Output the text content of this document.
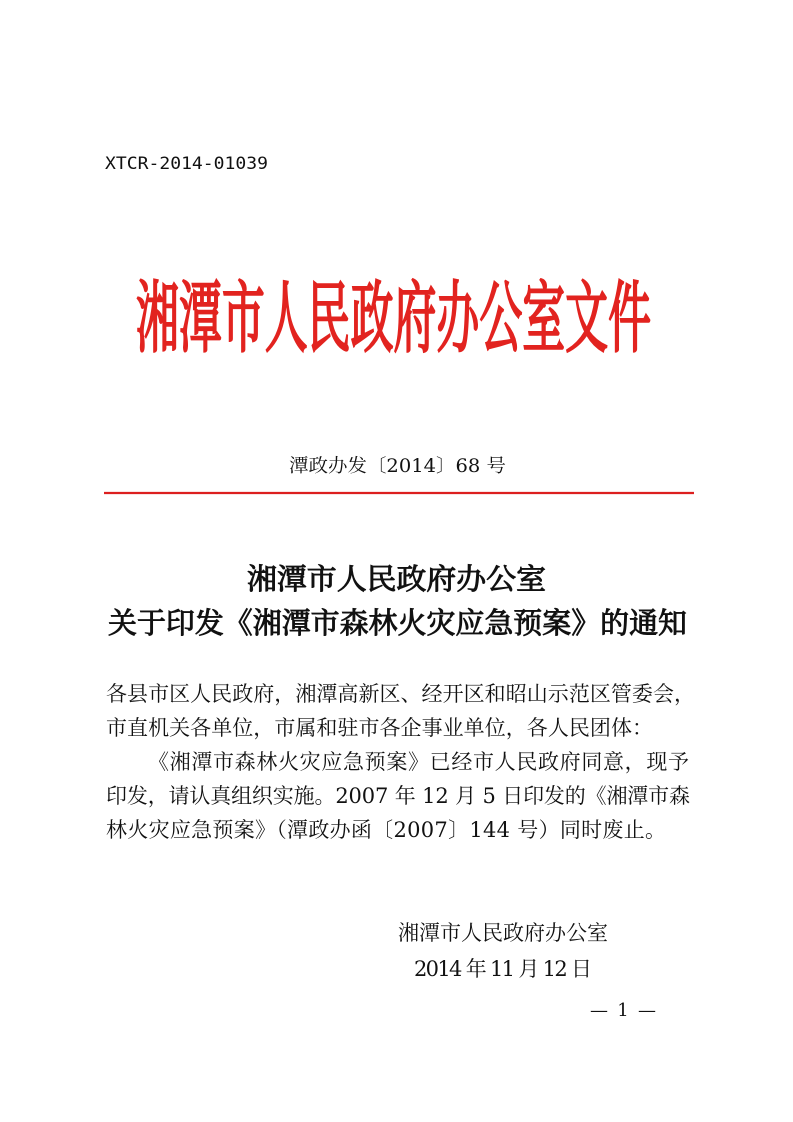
XTCR-2014-01039
湘潭市人民政府办公室文件
潭政办发〔2014〕68 号
湘潭市人民政府办公室
关于印发《湘潭市森林火灾应急预案》的通知
各县市区人民政府，湘潭高新区、经开区和昭山示范区管委会，
市直机关各单位，市属和驻市各企事业单位，各人民团体：
《湘潭市森林火灾应急预案》已经市人民政府同意，现予
印发，请认真组织实施。2007 年 12 月 5 日印发的《湘潭市森
林火灾应急预案》（潭政办函〔2007〕144 号）同时废止。
湘潭市人民政府办公室
2014 年 11 月 12 日
— 1 —
